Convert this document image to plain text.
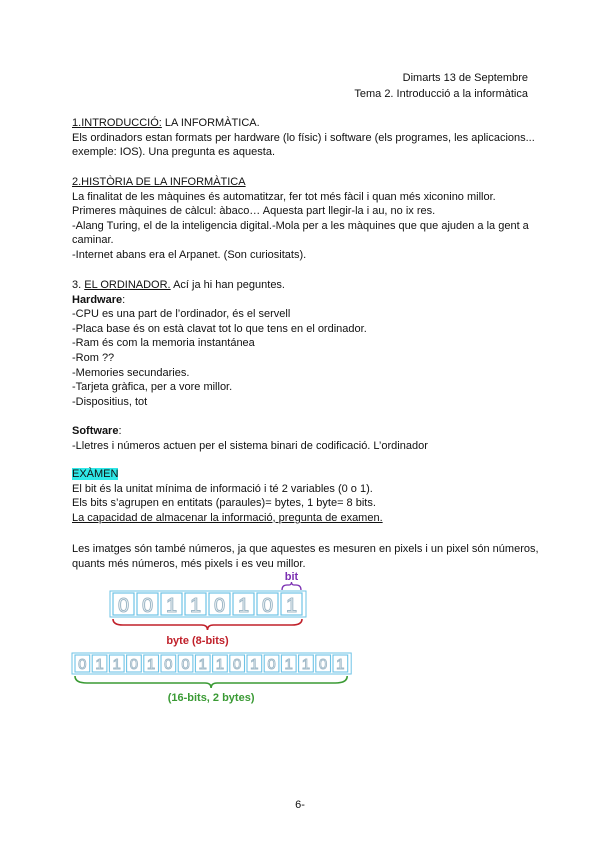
Dimarts 13 de Septembre
Tema 2. Introducció a la informàtica
1.INTRODUCCIÓ: LA INFORMÀTICA.
Els ordinadors estan formats per hardware (lo físic) i software (els programes, les aplicacions... exemple: IOS). Una pregunta es aquesta.
2.HISTÒRIA DE LA INFORMÀTICA
La finalitat de les màquines és automatitzar, fer tot més fàcil i quan més xiconino millor.
Primeres màquines de càlcul: àbaco… Aquesta part llegir-la i au, no ix res.
-Alang Turing, el de la inteligencia digital.-Mola per a les màquines que que ajuden a la gent a caminar.
-Internet abans era el Arpanet. (Son curiositats).
3. EL ORDINADOR. Ací ja hi han peguntes.
Hardware:
-CPU es una part de l’ordinador, és el servell
-Placa base és on està clavat tot lo que tens en el ordinador.
-Ram és com la memoria instantánea
-Rom ??
-Memories secundaries.
-Tarjeta gràfica, per a vore millor.
-Dispositius, tot
Software:
-Lletres i números actuen per el sistema binari de codificació. L’ordinador
EXÀMEN
El bit és la unitat mínima de informació i té 2 variables (0 o 1).
Els bits s’agrupen en entitats (paraules)= bytes, 1 byte= 8 bits.
La capacidad de almacenar la informació, pregunta de examen.
Les imatges són també números, ja que aquestes es mesuren en pixels i un pixel són números, quants més números, més pixels i es veu millor.
0 0 1 1 0 1 0 1
bit
byte (8-bits)
0 1 1 0 1 0 0 1 1 0 1 0 1 1 0 1
(16-bits, 2 bytes)
6-
